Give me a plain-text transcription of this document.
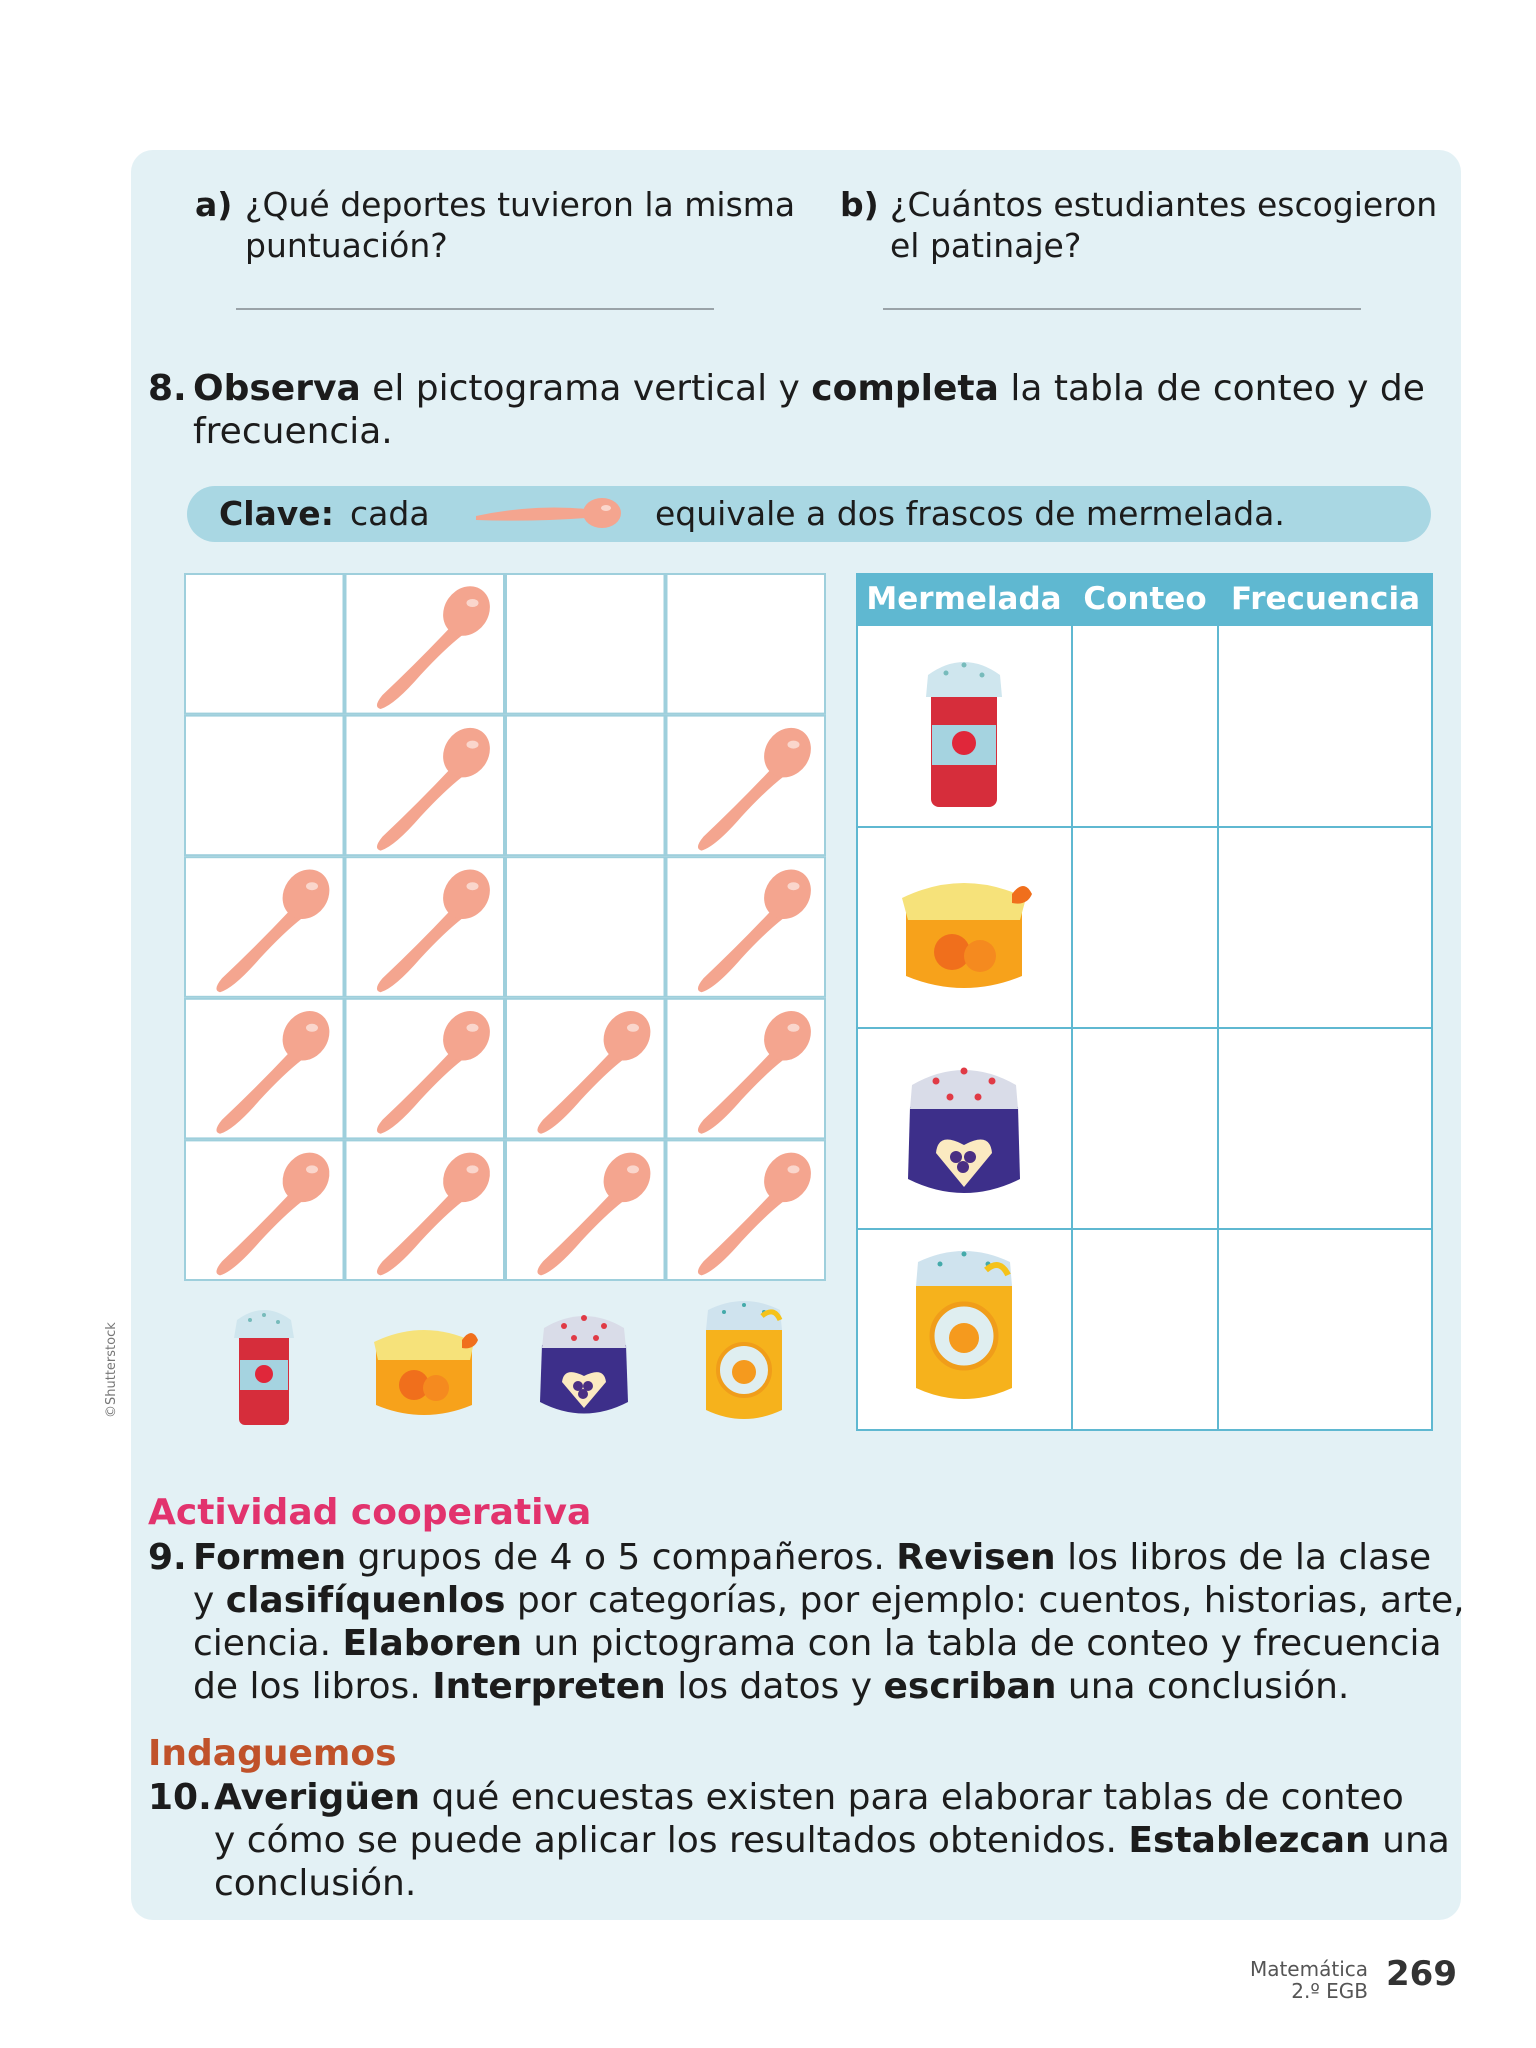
a) ¿Qué deportes tuvieron la misma
puntuación?
b) ¿Cuántos estudiantes escogieron
el patinaje?
8. Observa el pictograma vertical y completa la tabla de conteo y de
frecuencia.
Clave: cada	equivale a dos frascos de mermelada.
Mermelada Conteo Frecuencia
©Shutterstock
Actividad cooperativa
9. Formen grupos de 4 o 5 compañeros. Revisen los libros de la clase
y clasifíquenlos por categorías, por ejemplo: cuentos, historias, arte,
ciencia. Elaboren un pictograma con la tabla de conteo y frecuencia
de los libros. Interpreten los datos y escriban una conclusión.
Indaguemos
10. Averigüen qué encuestas existen para elaborar tablas de conteo
y cómo se puede aplicar los resultados obtenidos. Establezcan una
conclusión.
Matemática
2.º EGB 269
